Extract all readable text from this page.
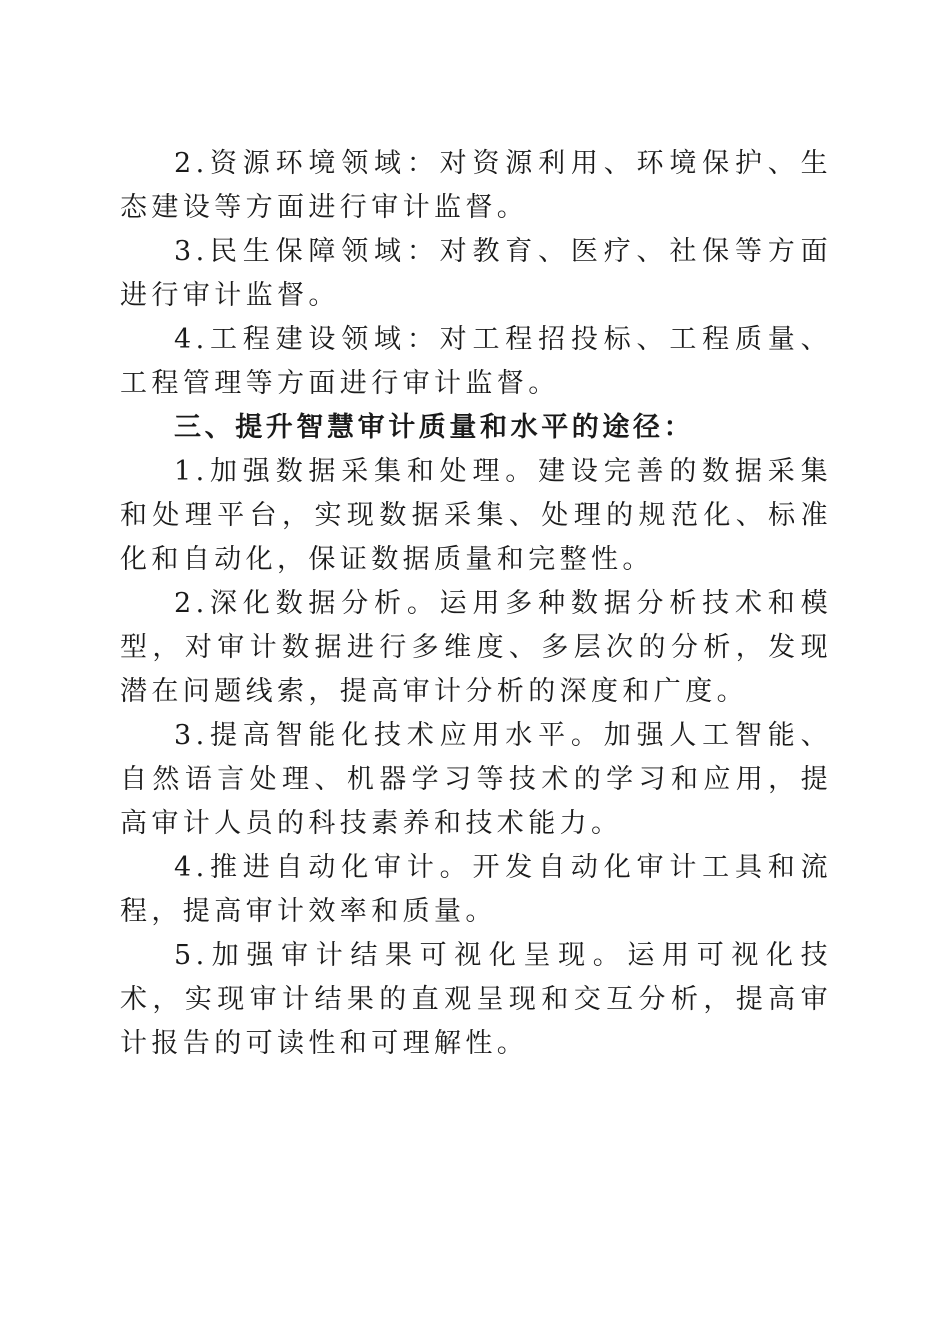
2.资源环境领域：对资源利用、环境保护、生态建设等方面进行审计监督。

3.民生保障领域：对教育、医疗、社保等方面进行审计监督。

4.工程建设领域：对工程招投标、工程质量、工程管理等方面进行审计监督。

三、提升智慧审计质量和水平的途径：

1.加强数据采集和处理。建设完善的数据采集和处理平台，实现数据采集、处理的规范化、标准化和自动化，保证数据质量和完整性。

2.深化数据分析。运用多种数据分析技术和模型，对审计数据进行多维度、多层次的分析，发现潜在问题线索，提高审计分析的深度和广度。

3.提高智能化技术应用水平。加强人工智能、自然语言处理、机器学习等技术的学习和应用，提高审计人员的科技素养和技术能力。

4.推进自动化审计。开发自动化审计工具和流程，提高审计效率和质量。

5.加强审计结果可视化呈现。运用可视化技术，实现审计结果的直观呈现和交互分析，提高审计报告的可读性和可理解性。
